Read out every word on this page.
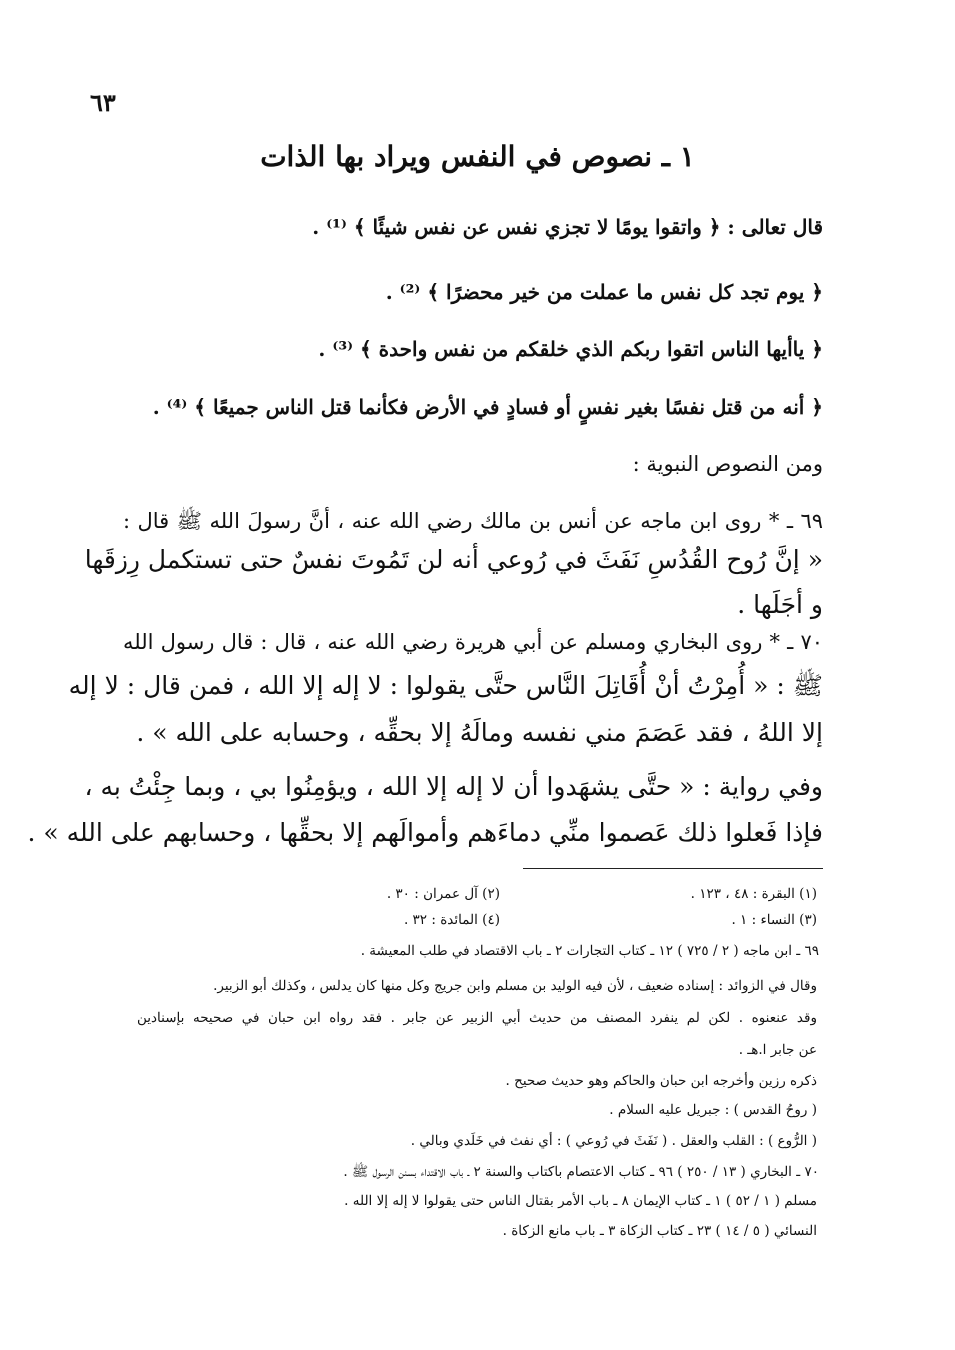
٦٣
١ ـ نصوص في النفس ويراد بها الذات
قال تعالى : ﴿ واتقوا يومًا لا تجزي نفس عن نفس شيئًا ﴾ ⁽¹⁾ .
﴿ يوم تجد كل نفس ما عملت من خير محضرًا ﴾ ⁽²⁾ .
﴿ ياأيها الناس اتقوا ربكم الذي خلقكم من نفس واحدة ﴾ ⁽³⁾ .
﴿ أنه من قتل نفسًا بغير نفسٍ أو فسادٍ في الأرض فكأنما قتل الناس جميعًا ﴾ ⁽⁴⁾ .
ومن النصوص النبوية :
٦٩ ـ * روى ابن ماجه عن أنس بن مالك رضي الله عنه ، أنَّ رسولَ الله ﷺ قال :
« إنَّ رُوح القُدُسِ نَفَثَ في رُوعي أنه لن تَمُوتَ نفسٌ حتى تستكمل رِزقَها
و أجَلَها .
٧٠ ـ * روى البخاري ومسلم عن أبي هريرة رضي الله عنه ، قال : قال رسول الله
ﷺ : « أُمِرْتُ أنْ أُقَاتِلَ النَّاس حتَّى يقولوا : لا إله إلا الله ، فمن قال : لا إله
إلا اللهُ ، فقد عَصَمَ مني نفسه ومالَهُ إلا بحقِّه ، وحسابه على الله » .
وفي رواية : « حتَّى يشهَدوا أن لا إله إلا الله ، ويؤمِنُوا بي ، وبما جِئْتُ به ،
فإذا فَعلوا ذلك عَصموا منِّي دماءَهم وأموالَهم إلا بحقِّها ، وحسابهم على الله » .
(١) البقرة : ٤٨ ، ١٢٣ .
(٢) آل عمران : ٣٠ .
(٣) النساء : ١ .
(٤) المائدة : ٣٢ .
٦٩ ـ ابن ماجه ( ٢ / ٧٢٥ ) ١٢ ـ كتاب التجارات ٢ ـ باب الاقتصاد في طلب المعيشة .
وقال في الزوائد : إسناده ضعيف ، لأن فيه الوليد بن مسلم وابن جريج وكل منها كان يدلس ، وكذلك أبو الزبير.
وقد عنعنوه . لكن لم ينفرد المصنف من حديث أبي الزبير عن جابر . فقد رواه ابن حبان في صحيحه بإسنادين
عن جابر ا.هـ .
ذكره رزين وأخرجه ابن حبان والحاكم وهو حديث صحيح .
( روحُ القدس ) : جبريل عليه السلام .
( الرُّوع ) : القلب والعقل . ( نَفَثَ في رُوعي ) : أي نفث في خَلَدي وبالي .
٧٠ ـ البخاري ( ١٣ / ٢٥٠ ) ٩٦ ـ كتاب الاعتصام باكتاب والسنة ٢ ـ باب الاقتداء بسنن الرسول ﷺ .
مسلم ( ١ / ٥٢ ) ١ ـ كتاب الإيمان ٨ ـ باب الأمر بقتال الناس حتى يقولوا لا إله إلا الله .
النسائي ( ٥ / ١٤ ) ٢٣ ـ كتاب الزكاة ٣ ـ باب مانع الزكاة .
